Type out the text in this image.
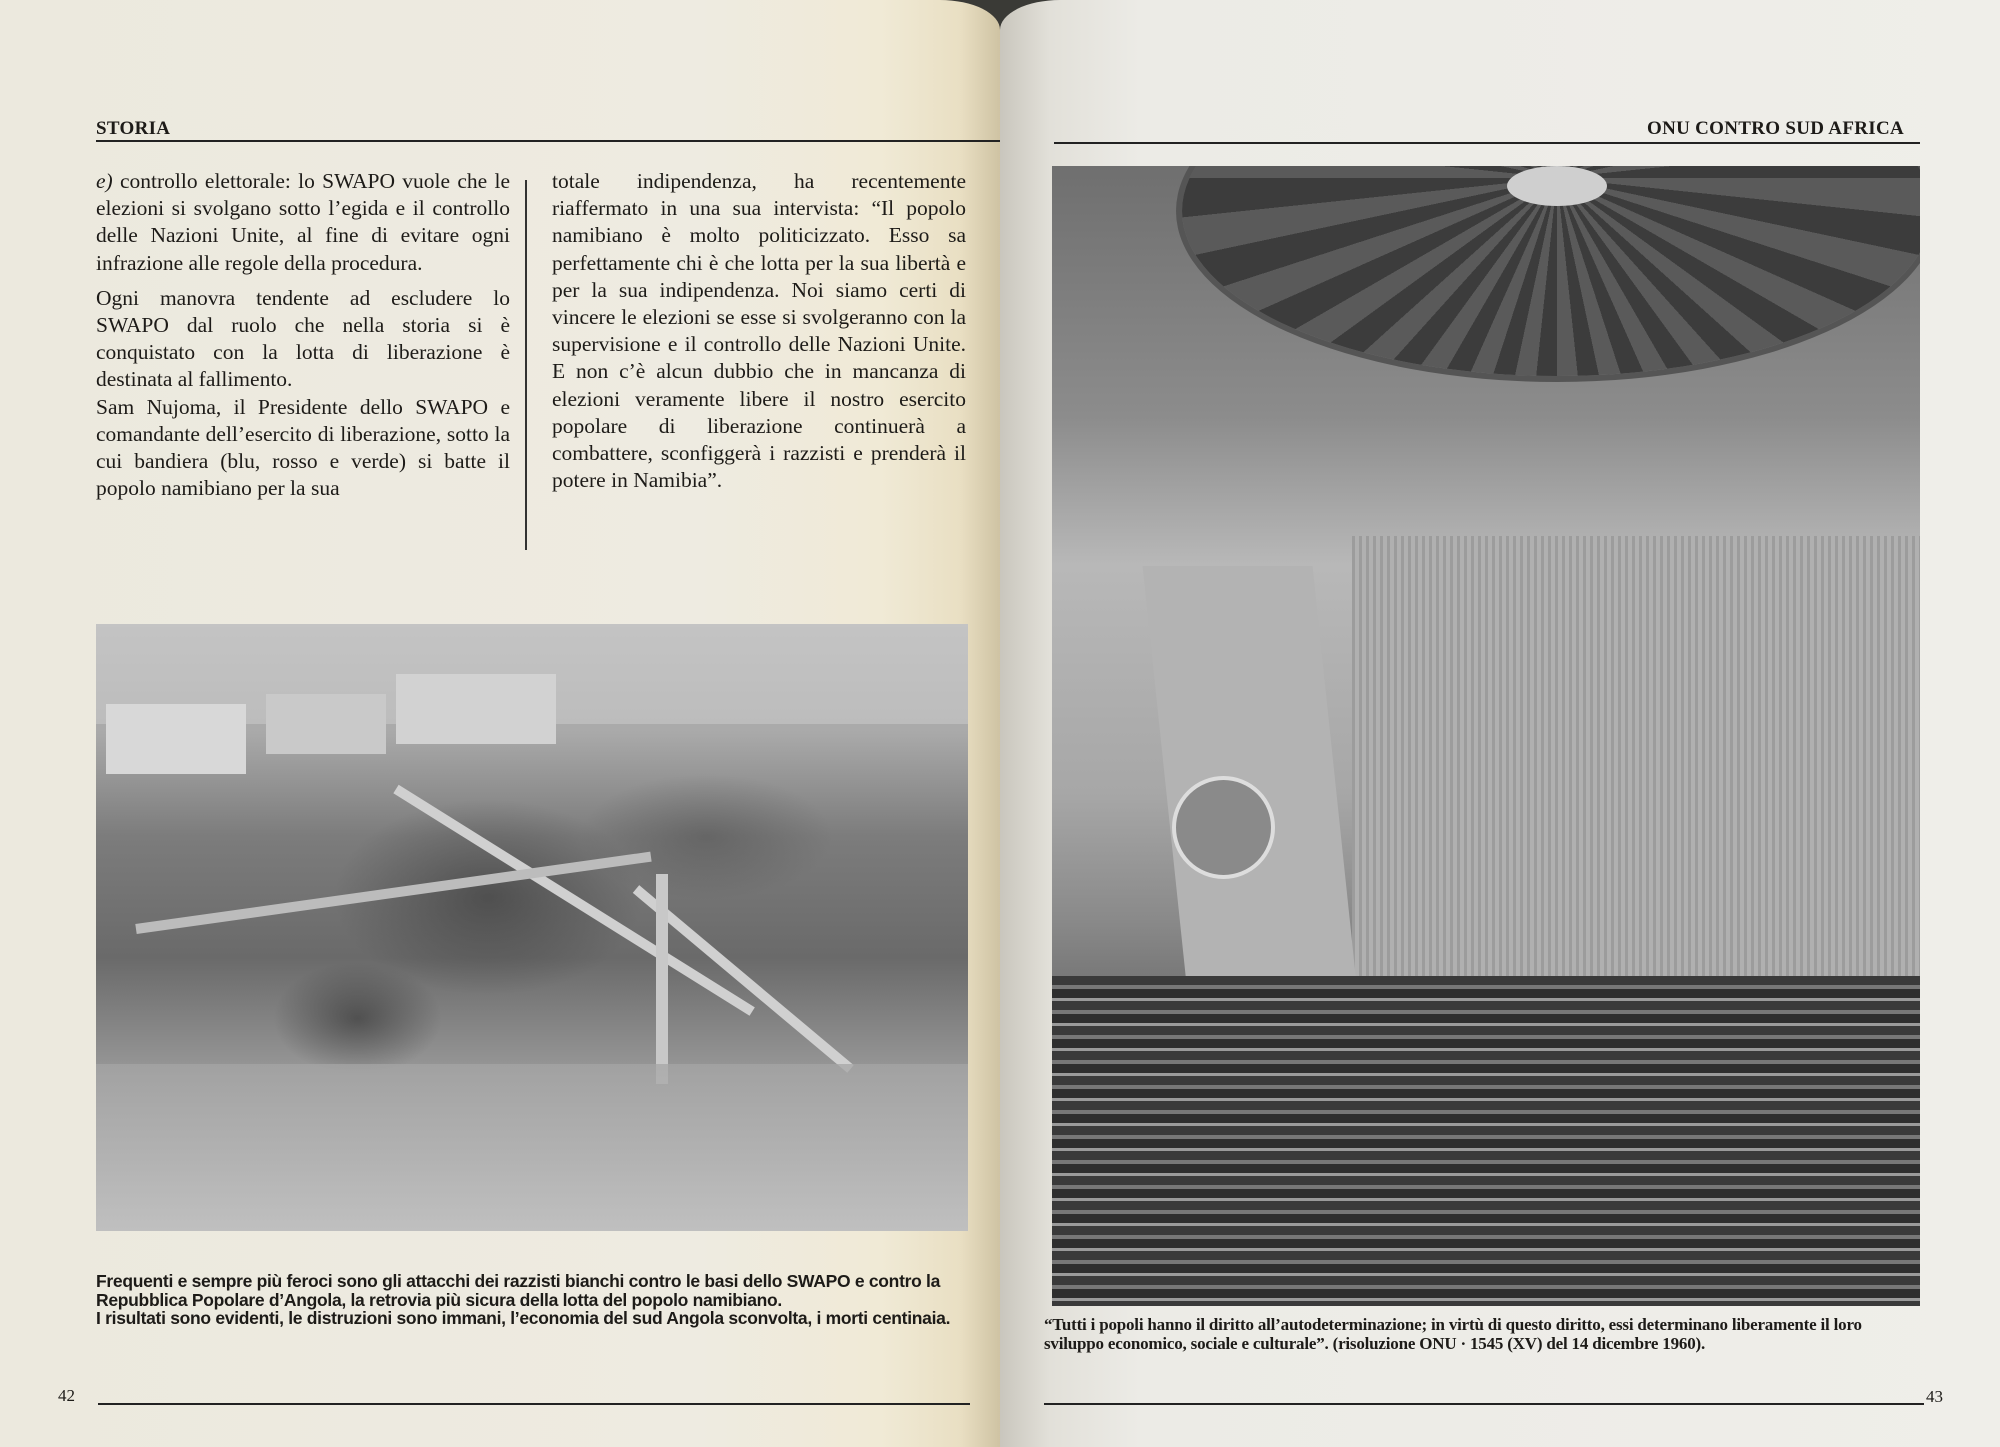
STORIA

e) controllo elettorale: lo SWAPO vuole che le elezioni si svolgano sotto l’egida e il controllo delle Nazioni Unite, al fine di evitare ogni infrazione alle regole della procedura.

Ogni manovra tendente ad escludere lo SWAPO dal ruolo che nella storia si è conquistato con la lotta di liberazione è destinata al fallimento.

Sam Nujoma, il Presidente dello SWAPO e comandante dell’esercito di liberazione, sotto la cui bandiera (blu, rosso e verde) si batte il popolo namibiano per la sua

totale indipendenza, ha recentemente riaffermato in una sua intervista: “Il popolo namibiano è molto politicizzato. Esso sa perfettamente chi è che lotta per la sua libertà e per la sua indipendenza. Noi siamo certi di vincere le elezioni se esse si svolgeranno con la supervisione e il controllo delle Nazioni Unite. E non c’è alcun dubbio che in mancanza di elezioni veramente libere il nostro esercito popolare di liberazione continuerà a combattere, sconfiggerà i razzisti e prenderà il potere in Namibia”.

Frequenti e sempre più feroci sono gli attacchi dei razzisti bianchi contro le basi dello SWAPO e contro la Repubblica Popolare d’Angola, la retrovia più sicura della lotta del popolo namibiano.
I risultati sono evidenti, le distruzioni sono immani, l’economia del sud Angola sconvolta, i morti centinaia.
42
ONU CONTRO SUD AFRICA
“Tutti i popoli hanno il diritto all’autodeterminazione; in virtù di questo diritto, essi determinano liberamente il loro sviluppo economico, sociale e culturale”. (risoluzione ONU · 1545 (XV) del 14 dicembre 1960).
43
